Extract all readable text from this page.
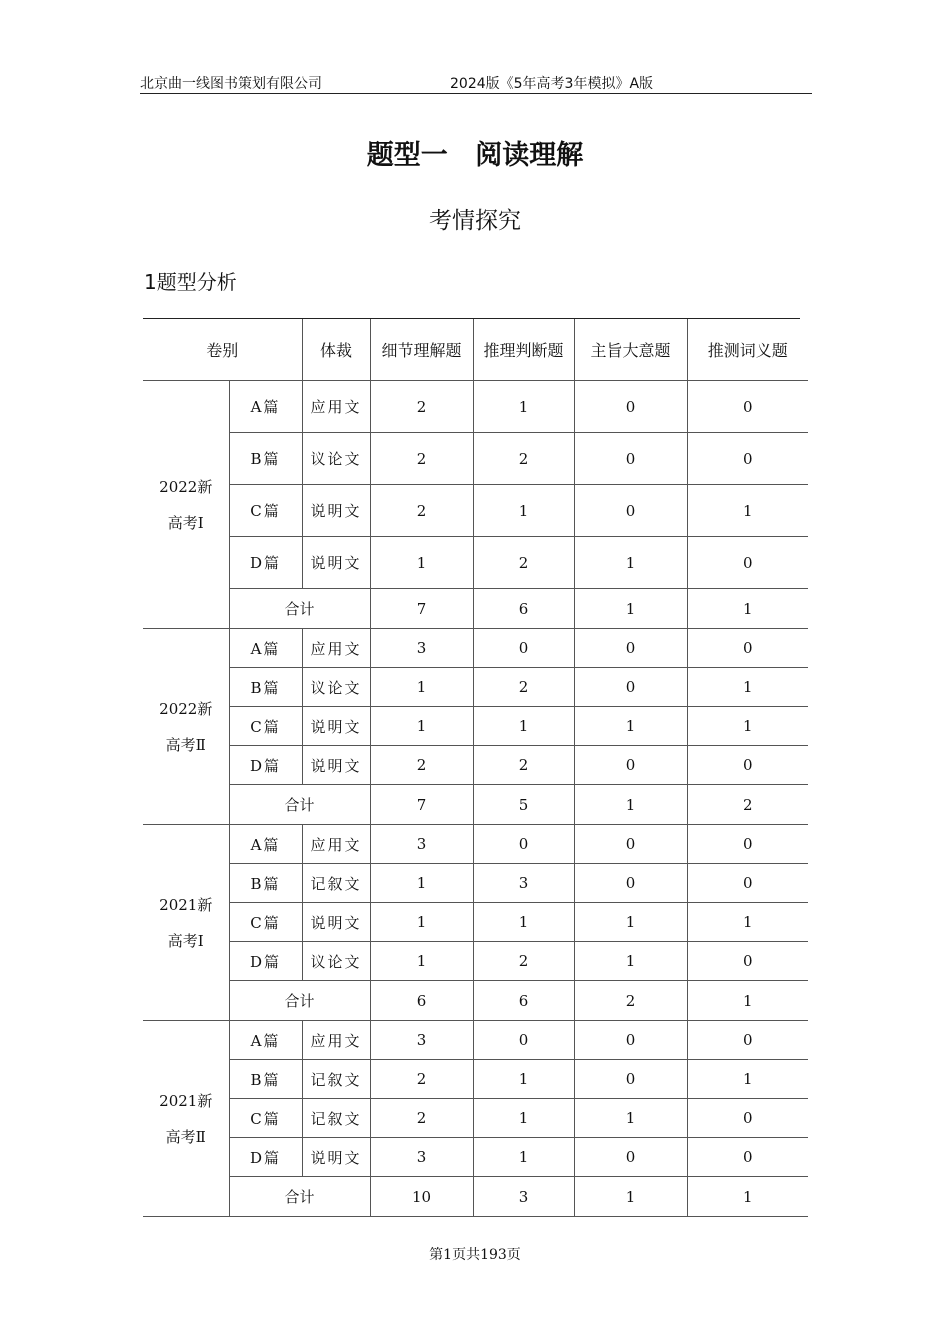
北京曲一线图书策划有限公司	2024版《5年高考3年模拟》A版
题型一 阅读理解
考情探究
1题型分析
卷别		体裁	细节理解题	推理判断题	主旨大意题	推测词义题

2022新
高考Ⅰ	A篇	应用文	2	1	0	0
	B篇	议论文	2	2	0	0
	C篇	说明文	2	1	0	1
	D篇	说明文	1	2	1	0
	合计		7	6	1	1

2022新
高考Ⅱ	A篇	应用文	3	0	0	0
	B篇	议论文	1	2	0	1
	C篇	说明文	1	1	1	1
	D篇	说明文	2	2	0	0
	合计		7	5	1	2

2021新
高考Ⅰ	A篇	应用文	3	0	0	0
	B篇	记叙文	1	3	0	0
	C篇	说明文	1	1	1	1
	D篇	议论文	1	2	1	0
	合计		6	6	2	1

2021新
高考Ⅱ	A篇	应用文	3	0	0	0
	B篇	记叙文	2	1	0	1
	C篇	记叙文	2	1	1	0
	D篇	说明文	3	1	0	0
	合计		10	3	1	1
第1页共193页
